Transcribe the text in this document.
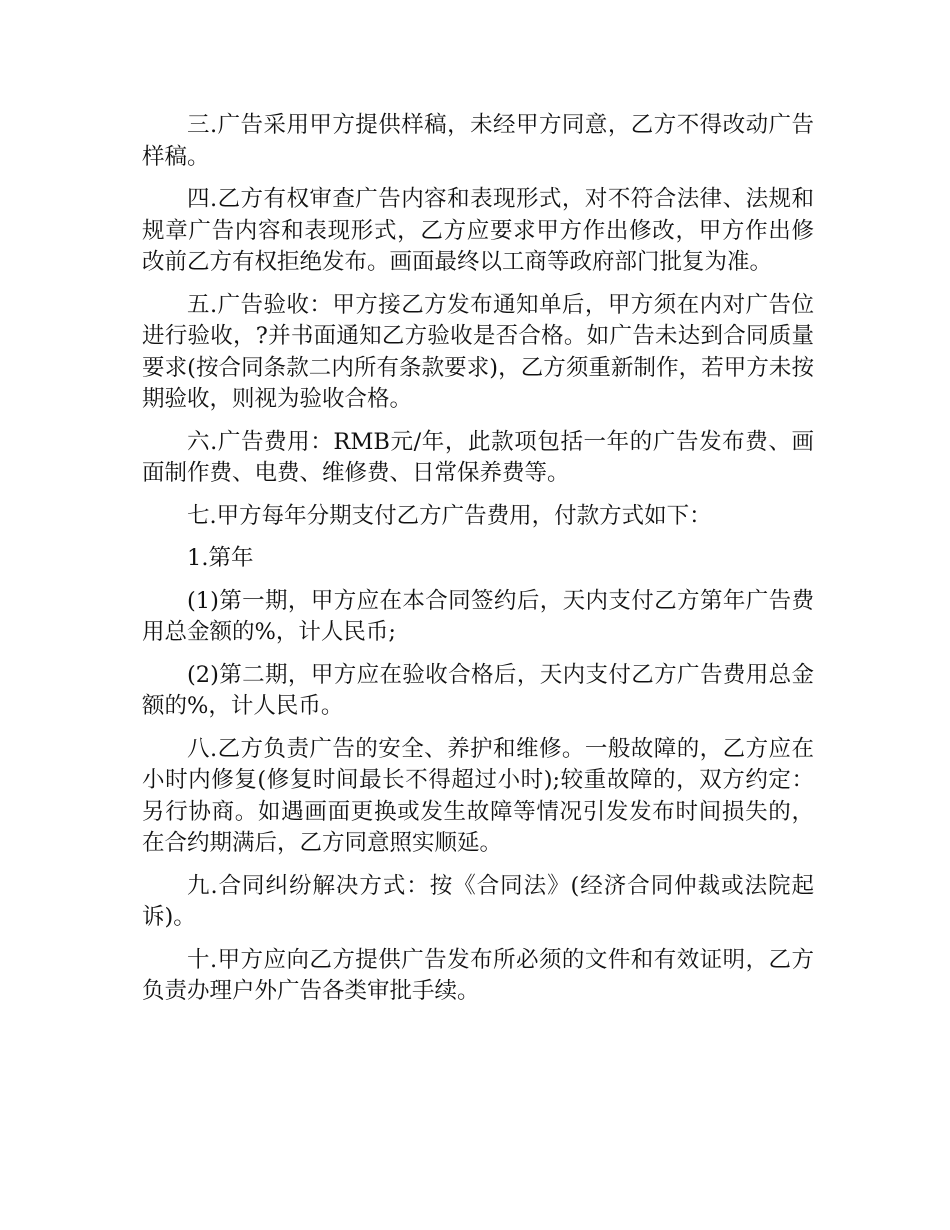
三.广告采用甲方提供样稿，未经甲方同意，乙方不得改动广告样稿。

四.乙方有权审查广告内容和表现形式，对不符合法律、法规和规章广告内容和表现形式，乙方应要求甲方作出修改，甲方作出修改前乙方有权拒绝发布。画面最终以工商等政府部门批复为准。

五.广告验收：甲方接乙方发布通知单后，甲方须在内对广告位进行验收，?并书面通知乙方验收是否合格。如广告未达到合同质量要求(按合同条款二内所有条款要求)，乙方须重新制作，若甲方未按期验收，则视为验收合格。

六.广告费用：RMB元/年，此款项包括一年的广告发布费、画面制作费、电费、维修费、日常保养费等。

七.甲方每年分期支付乙方广告费用，付款方式如下：

1.第年

(1)第一期，甲方应在本合同签约后，天内支付乙方第年广告费用总金额的%，计人民币;

(2)第二期，甲方应在验收合格后，天内支付乙方广告费用总金额的%，计人民币。

八.乙方负责广告的安全、养护和维修。一般故障的，乙方应在小时内修复(修复时间最长不得超过小时);较重故障的，双方约定：另行协商。如遇画面更换或发生故障等情况引发发布时间损失的，在合约期满后，乙方同意照实顺延。

九.合同纠纷解决方式：按《合同法》(经济合同仲裁或法院起诉)。

十.甲方应向乙方提供广告发布所必须的文件和有效证明，乙方负责办理户外广告各类审批手续。
